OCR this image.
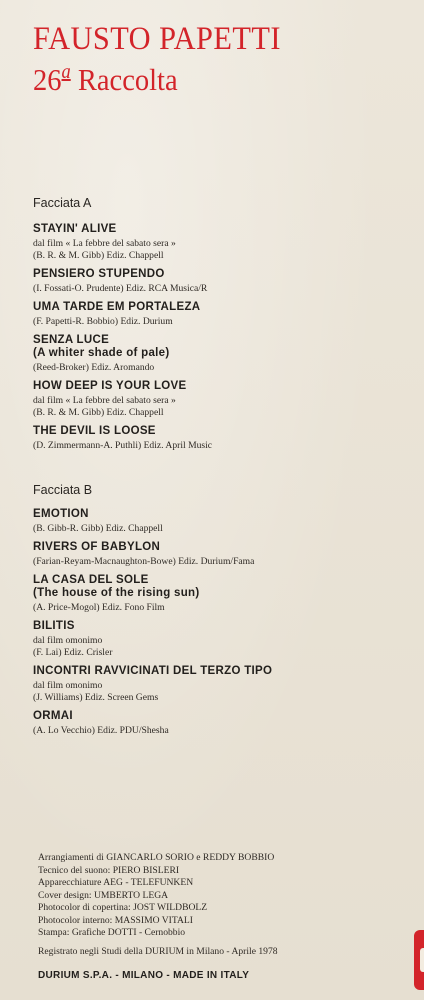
FAUSTO PAPETTI
26$^a$ Raccolta
Facciata A
STAYIN' ALIVE
dal film « La febbre del sabato sera »
(B. R. & M. Gibb) Ediz. Chappell
PENSIERO STUPENDO
(I. Fossati-O. Prudente) Ediz. RCA Musica/R
UMA TARDE EM PORTALEZA
(F. Papetti-R. Bobbio) Ediz. Durium
SENZA LUCE
(A whiter shade of pale)
(Reed-Broker) Ediz. Aromando
HOW DEEP IS YOUR LOVE
dal film « La febbre del sabato sera »
(B. R. & M. Gibb) Ediz. Chappell
THE DEVIL IS LOOSE
(D. Zimmermann-A. Puthli) Ediz. April Music
Facciata B
EMOTION
(B. Gibb-R. Gibb) Ediz. Chappell
RIVERS OF BABYLON
(Farian-Reyam-Macnaughton-Bowe) Ediz. Durium/Fama
LA CASA DEL SOLE
(The house of the rising sun)
(A. Price-Mogol) Ediz. Fono Film
BILITIS
dal film omonimo
(F. Lai) Ediz. Crisler
INCONTRI RAVVICINATI DEL TERZO TIPO
dal film omonimo
(J. Williams) Ediz. Screen Gems
ORMAI
(A. Lo Vecchio) Ediz. PDU/Shesha
Arrangiamenti di GIANCARLO SORIO e REDDY BOBBIO
Tecnico del suono: PIERO BISLERI
Apparecchiature AEG - TELEFUNKEN
Cover design: UMBERTO LEGA
Photocolor di copertina: JOST WILDBOLZ
Photocolor interno: MASSIMO VITALI
Stampa: Grafiche DOTTI - Cernobbio
Registrato negli Studi della DURIUM in Milano - Aprile 1978
DURIUM S.P.A. - MILANO - MADE IN ITALY
